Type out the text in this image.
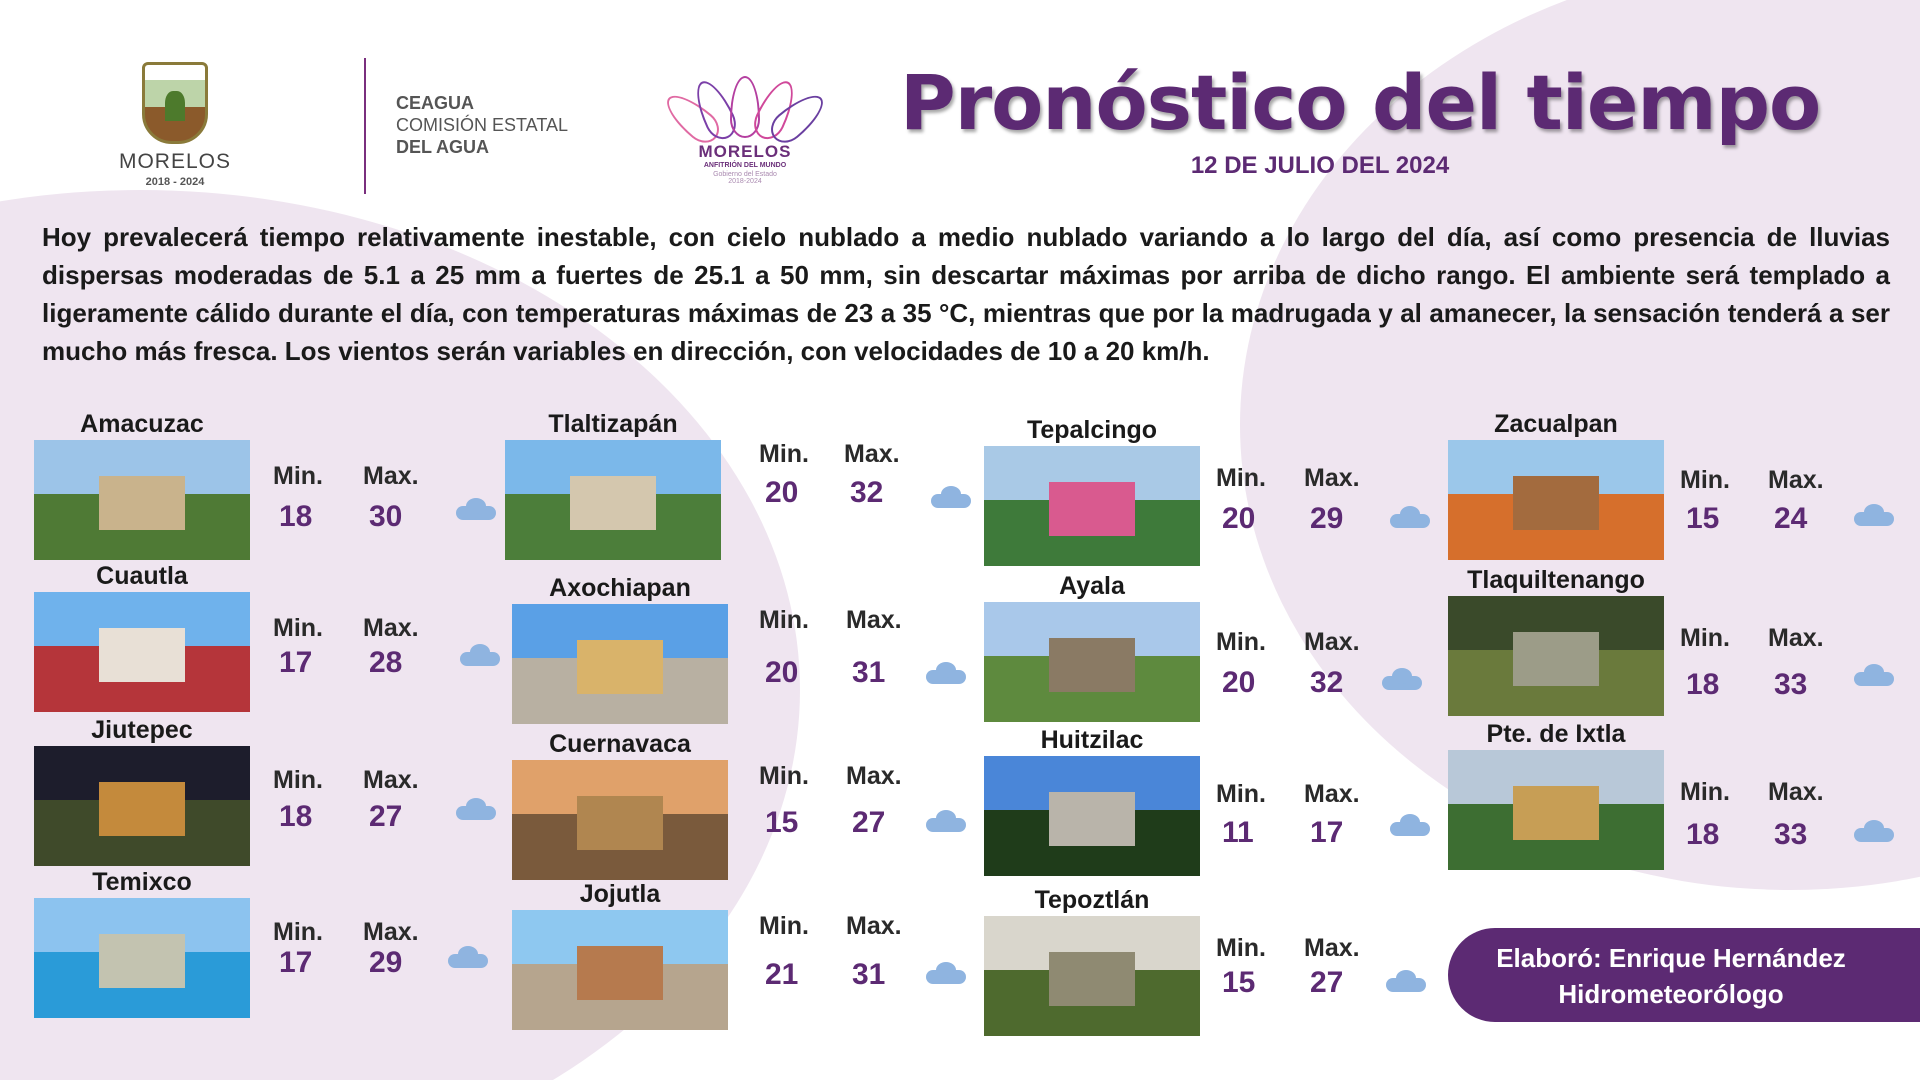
MORELOS
2018 - 2024
CEAGUA
COMISIÓN ESTATAL
DEL AGUA	MORELOS
ANFITRIÓN DEL MUNDO
Gobierno del Estado
2018-2024
Pronóstico del tiempo
12 DE JULIO DEL 2024
Hoy prevalecerá tiempo relativamente inestable, con cielo nublado a medio nublado variando a lo largo del día, así como presencia de lluvias dispersas moderadas de 5.1 a 25 mm a fuertes de 25.1 a 50 mm, sin descartar máximas por arriba de dicho rango. El ambiente será templado a ligeramente cálido durante el día, con temperaturas máximas de 23 a 35 °C, mientras que por la madrugada y al amanecer, la sensación tenderá a ser mucho más fresca. Los vientos serán variables en dirección, con velocidades de 10 a 20 km/h.
Amacuzac
Min. Max.
18 30
Cuautla
Min. Max.
17 28
Jiutepec
Min. Max.
18 27
Temixco
Min. Max.
17 29
Tlaltizapán
Min. Max.
20 32
Axochiapan
Min. Max.
20 31
Cuernavaca
Min. Max.
15 27
Jojutla
Min. Max.
21 31
Tepalcingo
Min. Max.
20 29
Ayala
Min. Max.
20 32
Huitzilac
Min. Max.
11 17
Tepoztlán
Min. Max.
15 27
Zacualpan
Min. Max.
15 24
Tlaquiltenango
Min. Max.
18 33
Pte. de Ixtla
Min. Max.
18 33
Elaboró: Enrique Hernández
Hidrometeorólogo
